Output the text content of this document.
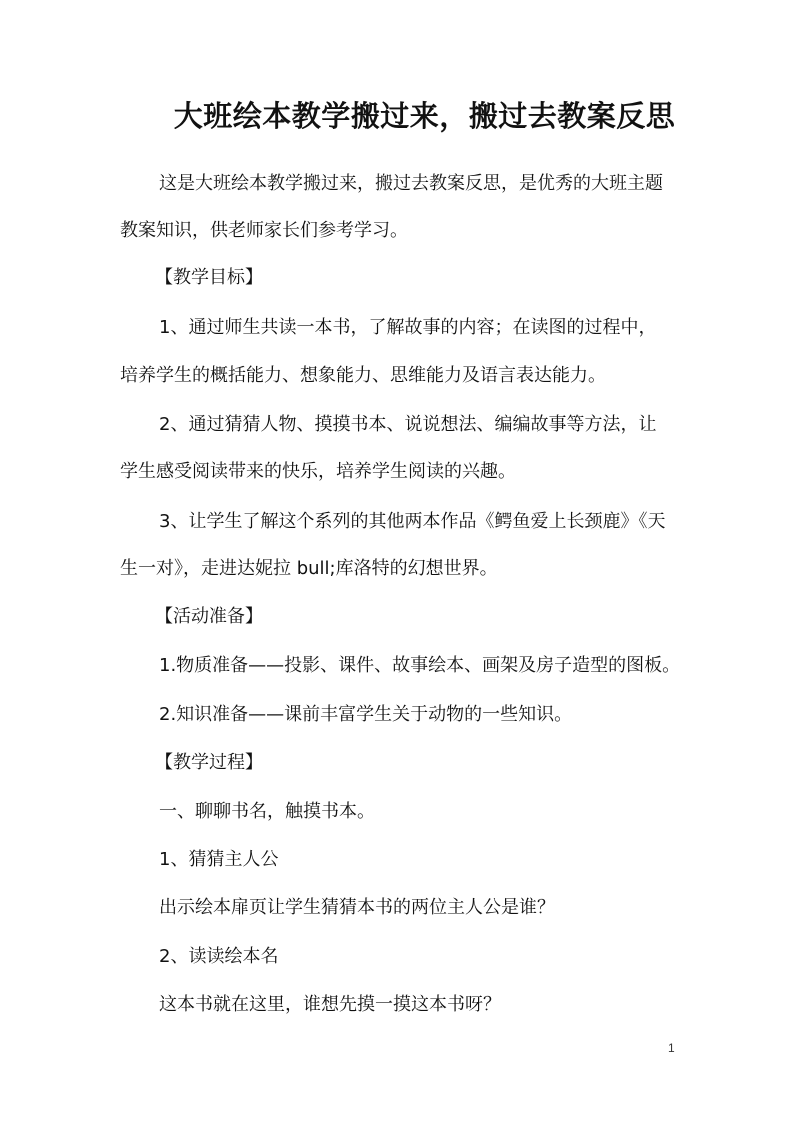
大班绘本教学搬过来，搬过去教案反思
这是大班绘本教学搬过来，搬过去教案反思，是优秀的大班主题
教案知识，供老师家长们参考学习。
【教学目标】
1、通过师生共读一本书，了解故事的内容；在读图的过程中，
培养学生的概括能力、想象能力、思维能力及语言表达能力。
2、通过猜猜人物、摸摸书本、说说想法、编编故事等方法，让
学生感受阅读带来的快乐，培养学生阅读的兴趣。
3、让学生了解这个系列的其他两本作品《鳄鱼爱上长颈鹿》《天
生一对》，走进达妮拉 bull;库洛特的幻想世界。
【活动准备】
1.物质准备——投影、课件、故事绘本、画架及房子造型的图板。
2.知识准备——课前丰富学生关于动物的一些知识。
【教学过程】
一、聊聊书名，触摸书本。
1、猜猜主人公
出示绘本扉页让学生猜猜本书的两位主人公是谁？
2、读读绘本名
这本书就在这里，谁想先摸一摸这本书呀？
1
